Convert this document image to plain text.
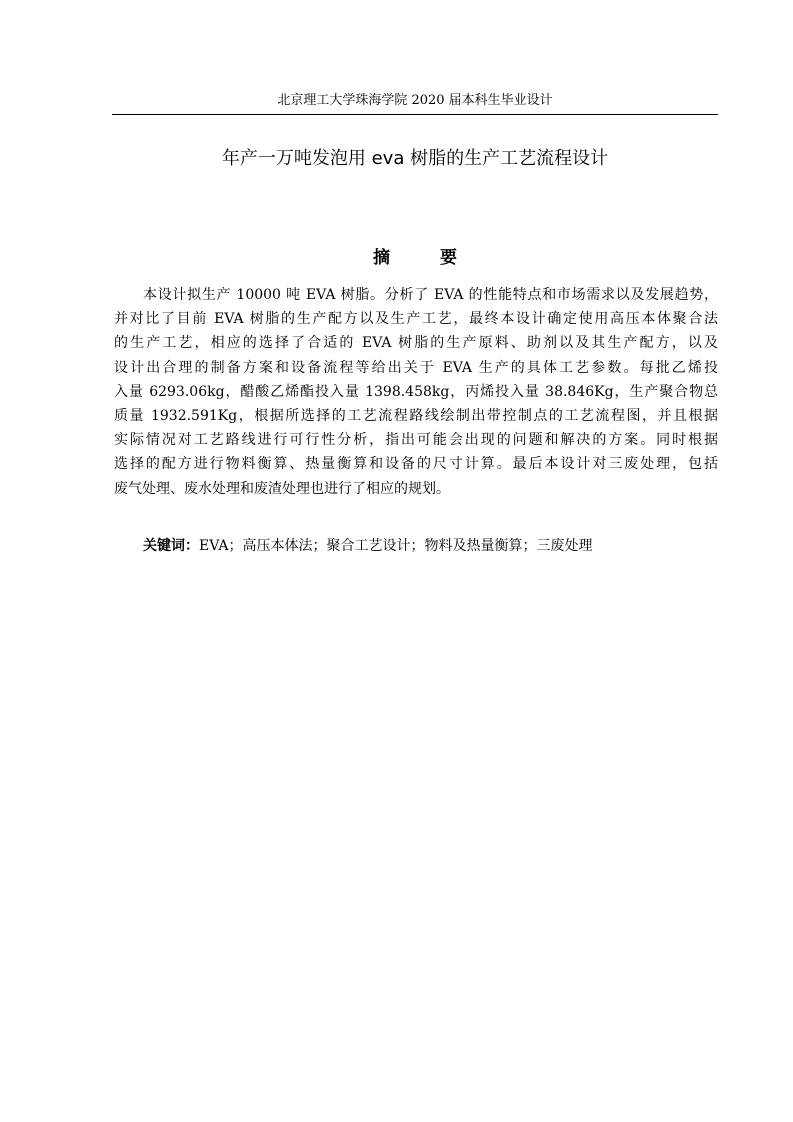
北京理工大学珠海学院 2020 届本科生毕业设计
年产一万吨发泡用 eva 树脂的生产工艺流程设计
摘 要
本设计拟生产 10000 吨 EVA 树脂。分析了 EVA 的性能特点和市场需求以及发展趋势，
并对比了目前 EVA 树脂的生产配方以及生产工艺，最终本设计确定使用高压本体聚合法
的生产工艺，相应的选择了合适的 EVA 树脂的生产原料、助剂以及其生产配方，以及
设计出合理的制备方案和设备流程等给出关于 EVA 生产的具体工艺参数。每批乙烯投
入量 6293.06kg，醋酸乙烯酯投入量 1398.458kg，丙烯投入量 38.846Kg，生产聚合物总
质量 1932.591Kg，根据所选择的工艺流程路线绘制出带控制点的工艺流程图，并且根据
实际情况对工艺路线进行可行性分析，指出可能会出现的问题和解决的方案。同时根据
选择的配方进行物料衡算、热量衡算和设备的尺寸计算。最后本设计对三废处理，包括
废气处理、废水处理和废渣处理也进行了相应的规划。
关键词：EVA；高压本体法；聚合工艺设计；物料及热量衡算；三废处理
